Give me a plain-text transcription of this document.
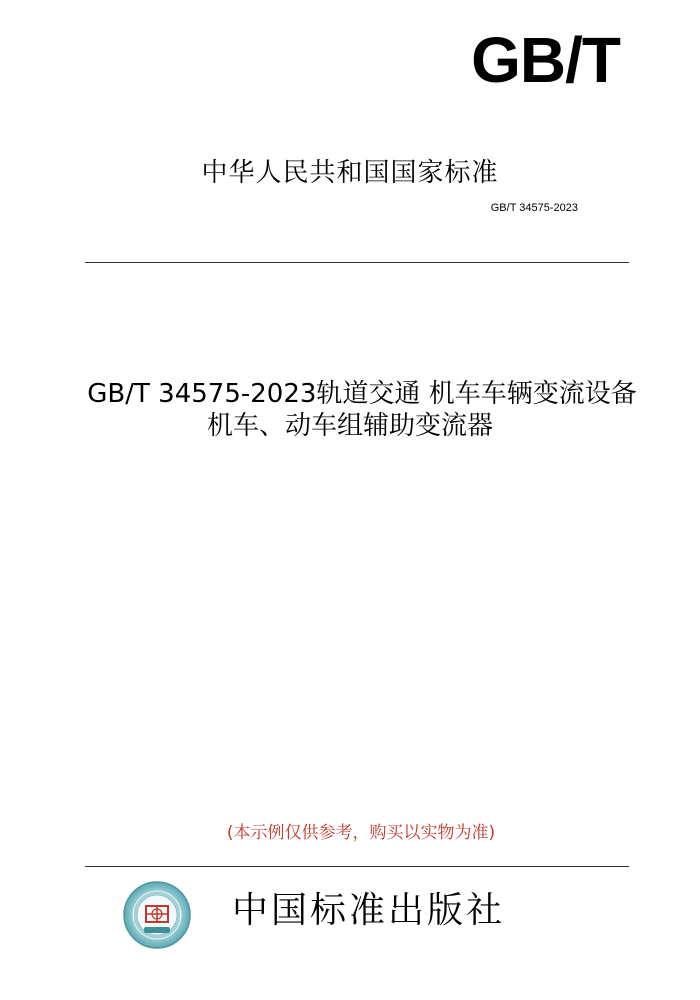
GB/T
中华人民共和国国家标准
GB/T 34575-2023
GB/T 34575-2023轨道交通 机车车辆变流设备
机车、动车组辅助变流器
(本示例仅供参考，购买以实物为准)
中国标准出版社
